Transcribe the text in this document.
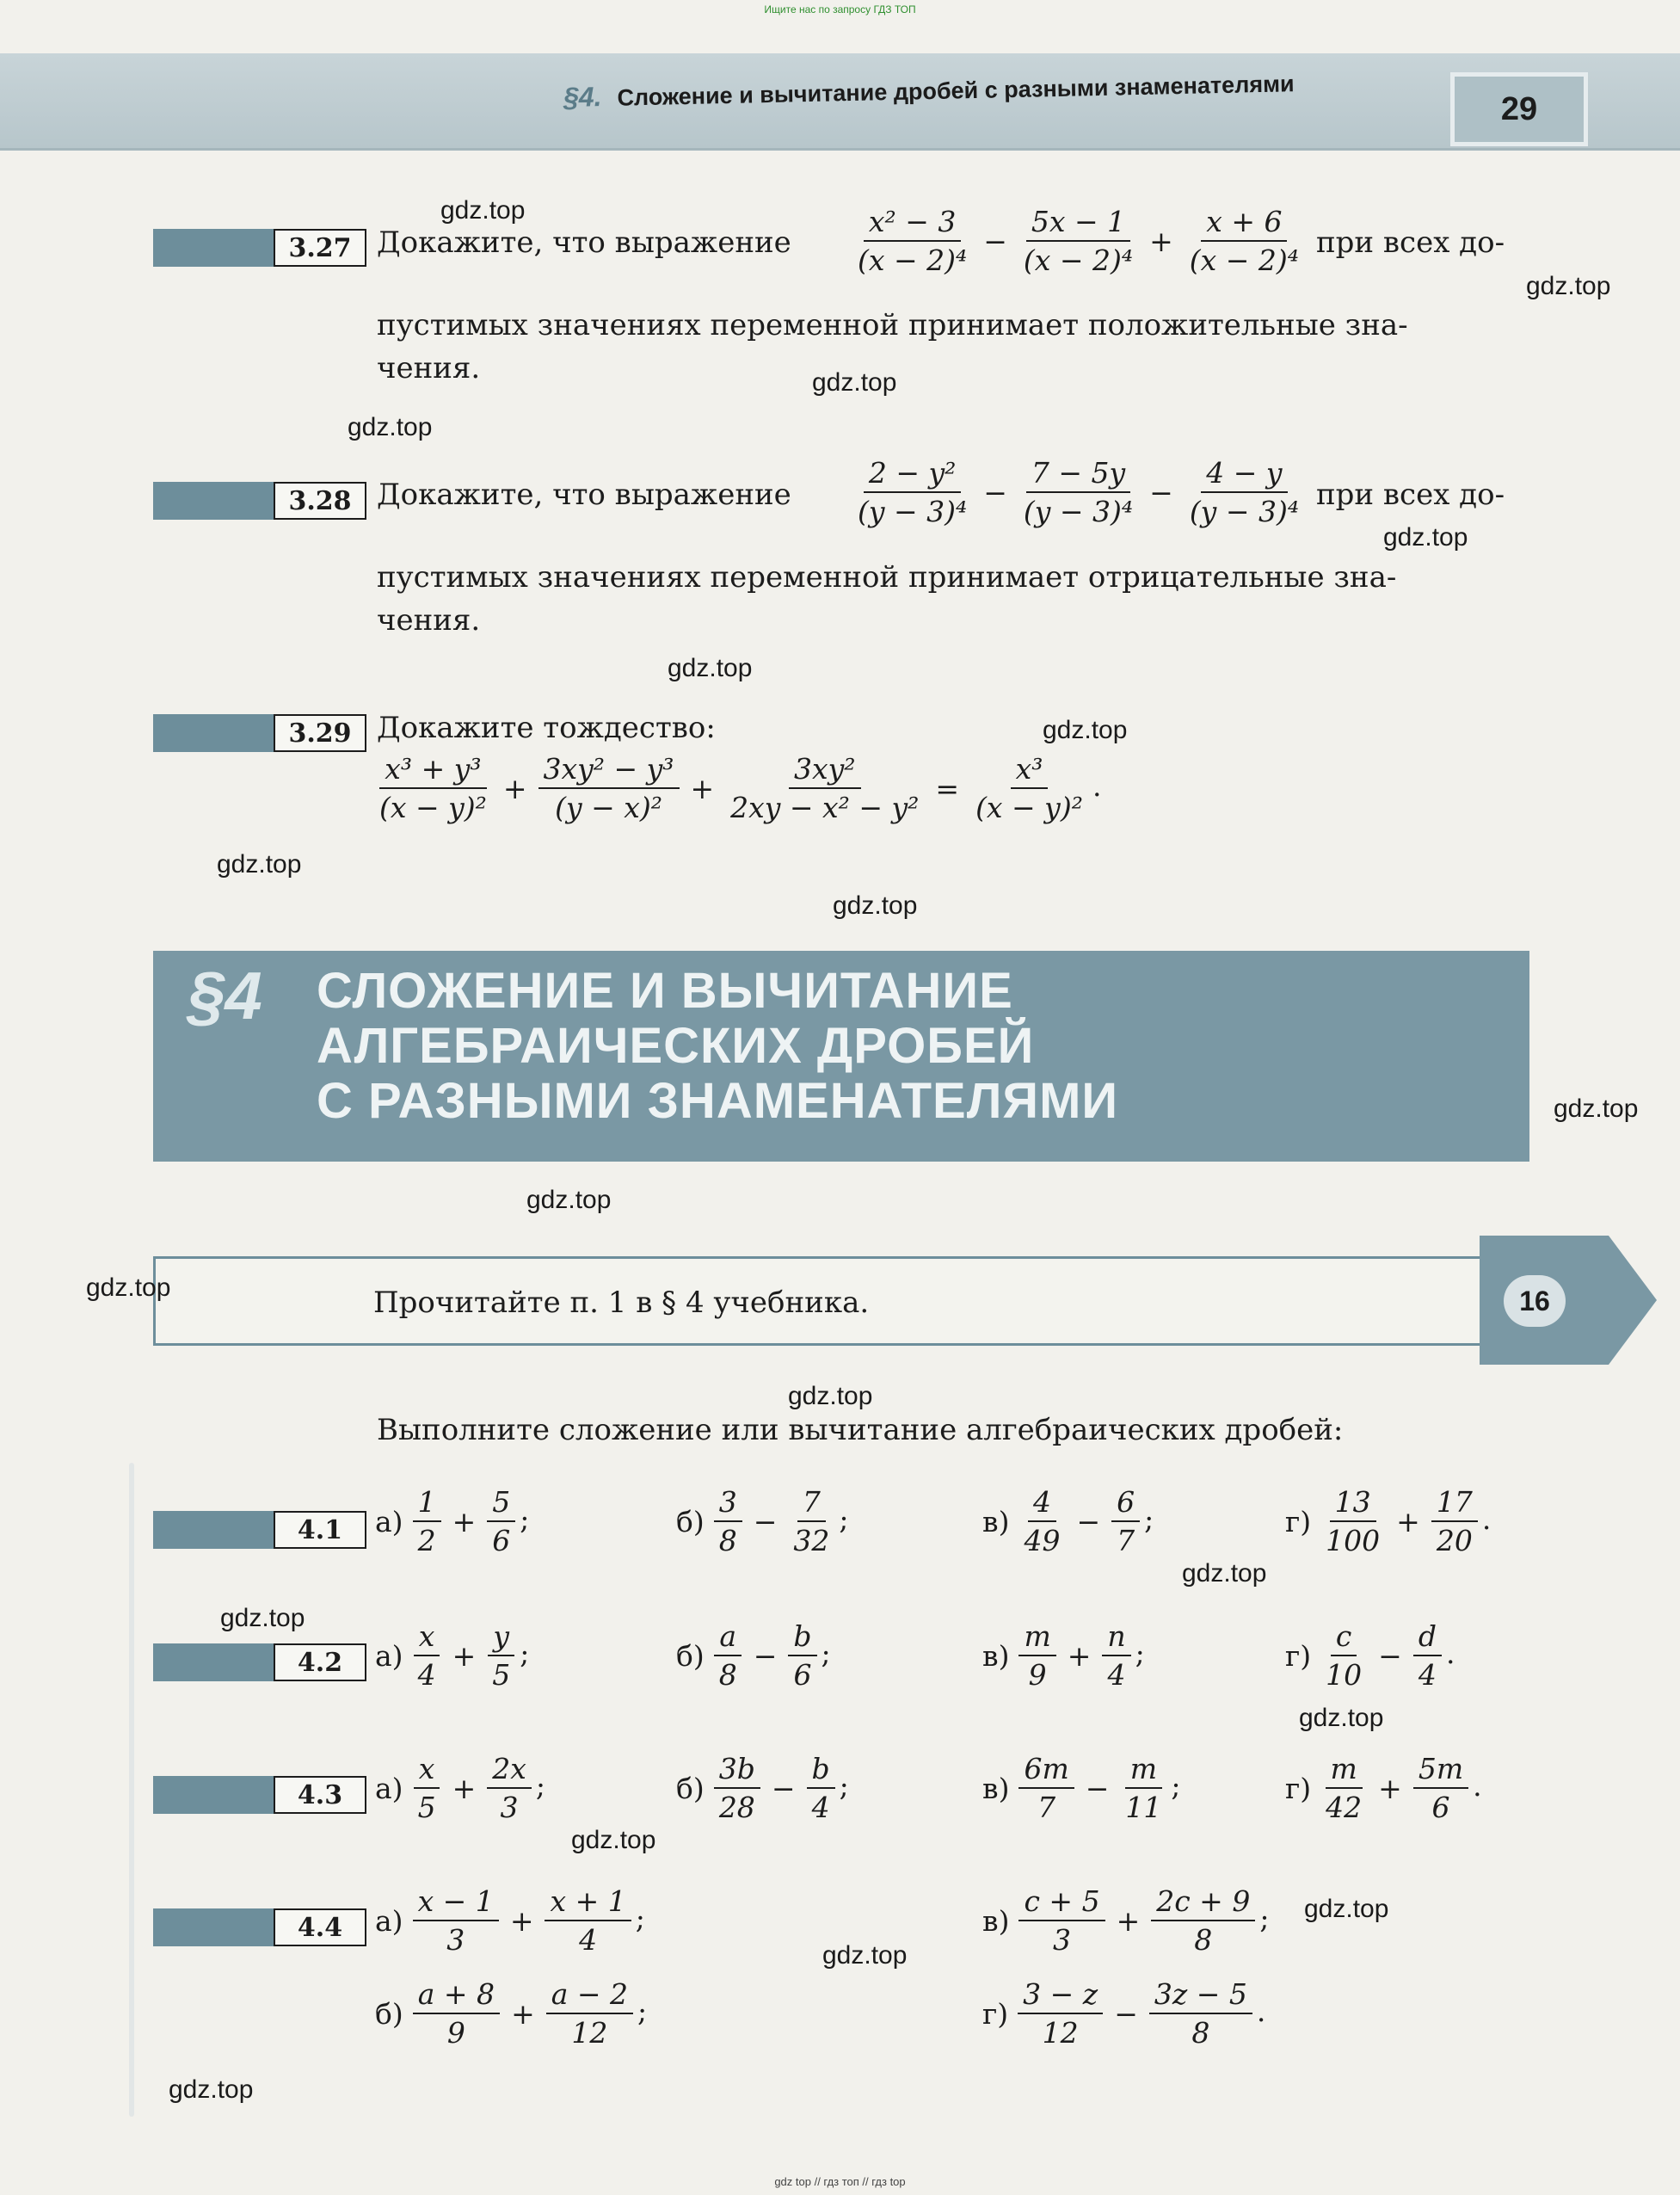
Ищите нас по запросу ГДЗ ТОП
§4. Сложение и вычитание дробей с разными знаменателями	29
3.27 Докажите, что выражение $\frac{\text{x² − 3}}{\text{(x − 2)⁴}} - \frac{5x - 1}{\text{(x − 2)⁴}} + \frac{x + 6}{\text{(x − 2)⁴}}$ при всех до-
пустимых значениях переменной принимает положительные зна-
чения.
3.28 Докажите, что выражение $\frac{\text{2 − y²}}{\text{(y − 3)⁴}} - \frac{7 - 5y}{\text{(y − 3)⁴}} - \frac{4 - y}{\text{(y − 3)⁴}}$ при всех до-
пустимых значениях переменной принимает отрицательные зна-
чения.
3.29 Докажите тождество:
$\frac{\text{x³ + y³}}{\text{(x − y)²}} + \frac{\text{3xy² − y³}}{\text{(y − x)²}} + \frac{\text{3xy²}}{\text{2xy − x² − y²}} = \frac{\text{x³}}{\text{(x − y)²}}$ .
§4 СЛОЖЕНИЕ И ВЫЧИТАНИЕ
АЛГЕБРАИЧЕСКИХ ДРОБЕЙ
С РАЗНЫМИ ЗНАМЕНАТЕЛЯМИ
Прочитайте п. 1 в § 4 учебника.	16
Выполните сложение или вычитание алгебраических дробей:
4.1	$а) \frac{1}{2} + \frac{5}{6}$ ;	$б) \frac{3}{8} - \frac{7}{32}$ ;	$в) \frac{4}{49} - \frac{6}{7}$ ;	$г) \frac{13}{100} + \frac{17}{20}$ .
4.2	$а) \frac{x}{4} + \frac{y}{5}$ ;	$б) \frac{a}{8} - \frac{b}{6}$ ;	$в) \frac{m}{9} + \frac{n}{4}$ ;	$г) \frac{c}{10} - \frac{d}{4}$ .
4.3	$а) \frac{x}{5} + \frac{2x}{3}$ ;	$б) \frac{3b}{28} - \frac{b}{4}$ ;	$в) \frac{6m}{7} - \frac{m}{11}$ ;	$г) \frac{m}{42} + \frac{5m}{6}$ .
4.4	$а) \frac{x - 1}{3} + \frac{x + 1}{4}$ ;	$в) \frac{c + 5}{3} + \frac{2c + 9}{8}$ ;
$б) \frac{a + 8}{9} + \frac{a - 2}{12}$ ;	$г) \frac{3 - z}{12} - \frac{3z - 5}{8}$ .
gdz.top
gdz.top
gdz.top
gdz.top
gdz.top
gdz.top
gdz.top
gdz.top
gdz.top
gdz.top
gdz.top
gdz.top
gdz.top
gdz.top
gdz.top
gdz.top
gdz.top
gdz.top
gdz.top
gdz.top
gdz top // гдз топ // гдз top
